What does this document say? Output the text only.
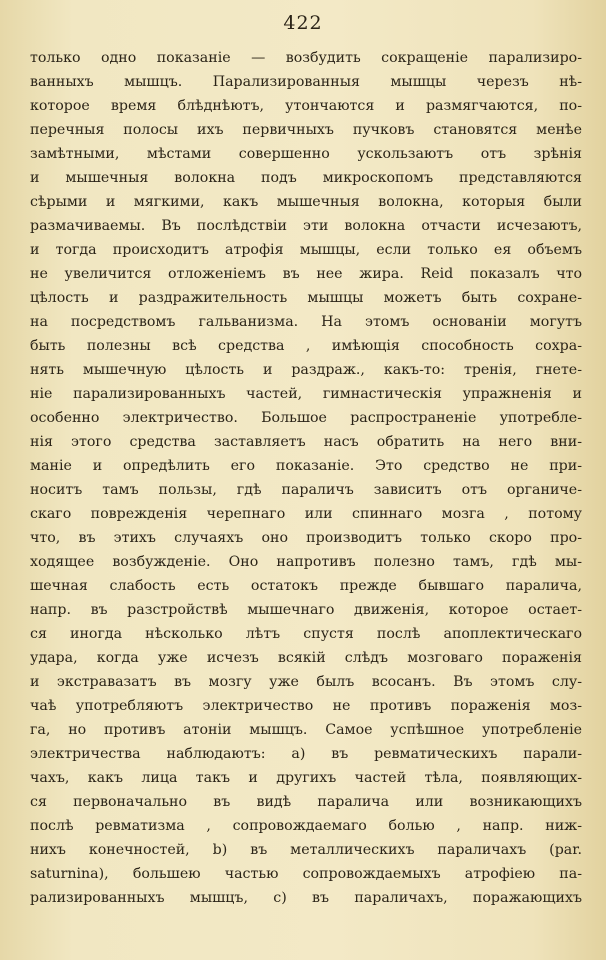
422

только одно показаніе — возбудить сокращеніе парализиро-

ванныхъ мышцъ. Парализированныя мышцы черезъ нѣ-

которое время блѣднѣютъ, утончаются и размягчаются, по-

перечныя полосы ихъ первичныхъ пучковъ становятся менѣе

замѣтными, мѣстами совершенно ускользаютъ отъ зрѣнія

и мышечныя волокна подъ микроскопомъ представляются

сѣрыми и мягкими, какъ мышечныя волокна, которыя были

размачиваемы. Въ послѣдствіи эти волокна отчасти исчезаютъ,

и тогда происходитъ атрофія мышцы, если только ея объемъ

не увеличится отложеніемъ въ нее жира. Reid показалъ что

цѣлость и раздражительность мышцы можетъ быть сохране-

на посредствомъ гальванизма. На этомъ основаніи могутъ

быть полезны всѣ средства , имѣющія способность сохра-

нять мышечную цѣлость и раздраж., какъ-то: тренія, гнете-

ніе парализированныхъ частей, гимнастическія упражненія и

особенно электричество. Большое распространеніе употребле-

нія этого средства заставляетъ насъ обратить на него вни-

маніе и опредѣлить его показаніе. Это средство не при-

носитъ тамъ пользы, гдѣ параличъ зависитъ отъ органиче-

скаго поврежденія черепнаго или спиннаго мозга , потому

что, въ этихъ случаяхъ оно производитъ только скоро про-

ходящее возбужденіе. Оно напротивъ полезно тамъ, гдѣ мы-

шечная слабость есть остатокъ прежде бывшаго паралича,

напр. въ разстройствѣ мышечнаго движенія, которое остает-

ся иногда нѣсколько лѣтъ спустя послѣ апоплектическаго

удара, когда уже исчезъ всякій слѣдъ мозговаго пораженія

и экстравазатъ въ мозгу уже былъ всосанъ. Въ этомъ слу-

чаѣ употребляютъ электричество не противъ пораженія моз-

га, но противъ атоніи мышцъ. Самое успѣшное употребленіе

электричества наблюдаютъ: а) въ ревматическихъ парали-

чахъ, какъ лица такъ и другихъ частей тѣла, появляющих-

ся первоначально въ видѣ паралича или возникающихъ

послѣ ревматизма , сопровождаемаго болью , напр. ниж-

нихъ конечностей, b) въ металлическихъ параличахъ (par.

saturnina), большею частью сопровождаемыхъ атрофіею па-

рализированныхъ мышцъ, c) въ параличахъ, поражающихъ
